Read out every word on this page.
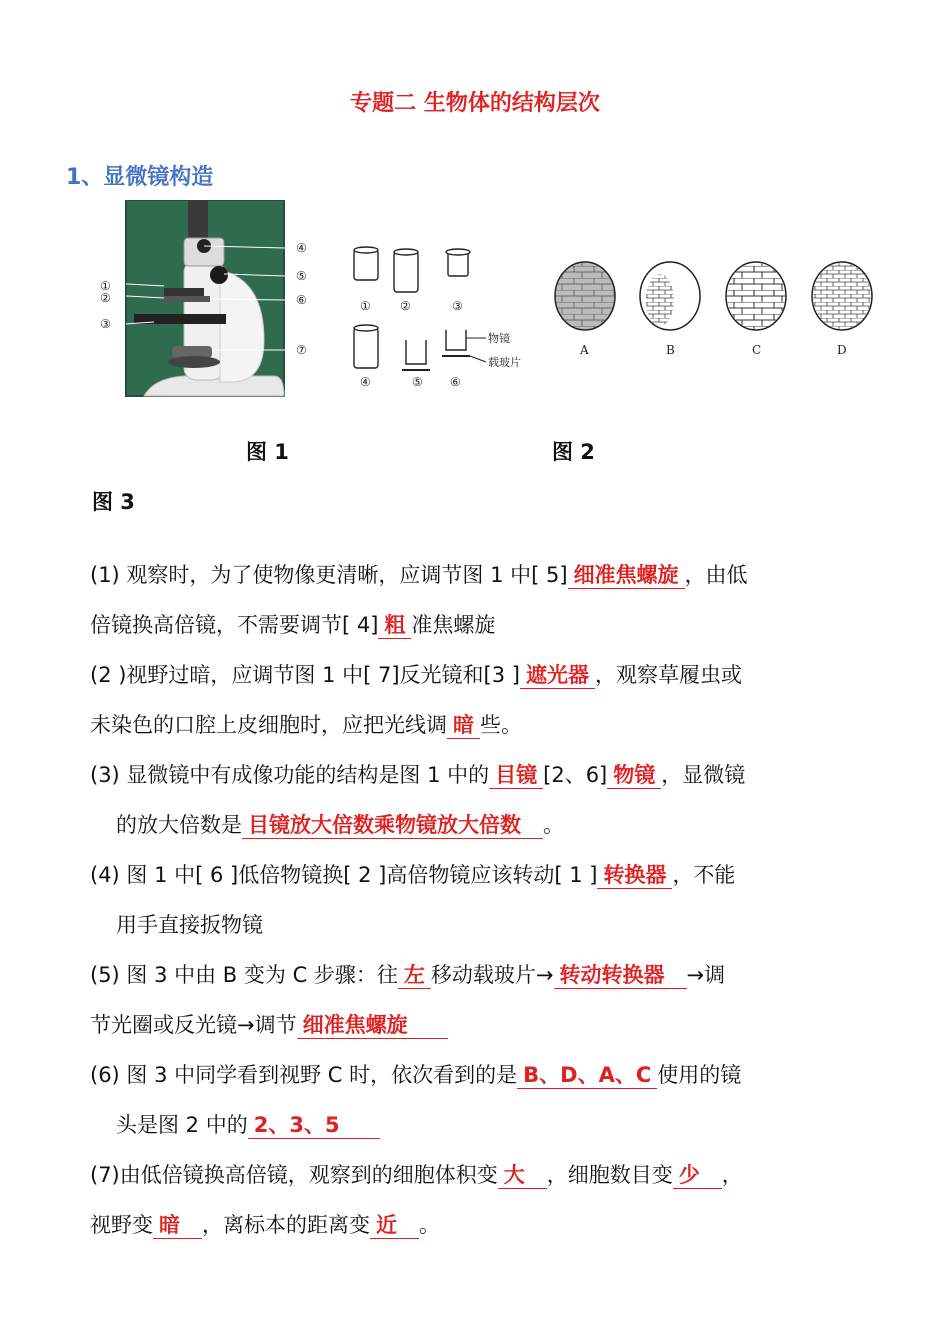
专题二 生物体的结构层次
1、显微镜构造
④
⑤
⑥
⑦
①
②
③
① ②	③
④	⑤ ⑥
物镜
载玻片
A	B	C	D
图 1	图 2
图 3
(1) 观察时，为了使物像更清晰，应调节图 1 中[ 5] 细准焦螺旋 ，由低
倍镜换高倍镜，不需要调节[ 4] 粗 准焦螺旋
(2 )视野过暗，应调节图 1 中[ 7]反光镜和[3 ] 遮光器 ，观察草履虫或
未染色的口腔上皮细胞时，应把光线调 暗 些。
(3) 显微镜中有成像功能的结构是图 1 中的 目镜 [2、6] 物镜 ，显微镜
的放大倍数是 目镜放大倍数乘物镜放大倍数 。
(4) 图 1 中[ 6 ]低倍物镜换[ 2 ]高倍物镜应该转动[ 1 ] 转换器 ，不能
用手直接扳物镜
(5) 图 3 中由 B 变为 C 步骤：往 左 移动载玻片→ 转动转换器 →调
节光圈或反光镜→调节 细准焦螺旋
(6) 图 3 中同学看到视野 C 时，依次看到的是 B、D、A、C 使用的镜
头是图 2 中的 2、3、5
(7)由低倍镜换高倍镜，观察到的细胞体积变 大 ，细胞数目变 少 ，
视野变 暗 ，离标本的距离变 近 。
